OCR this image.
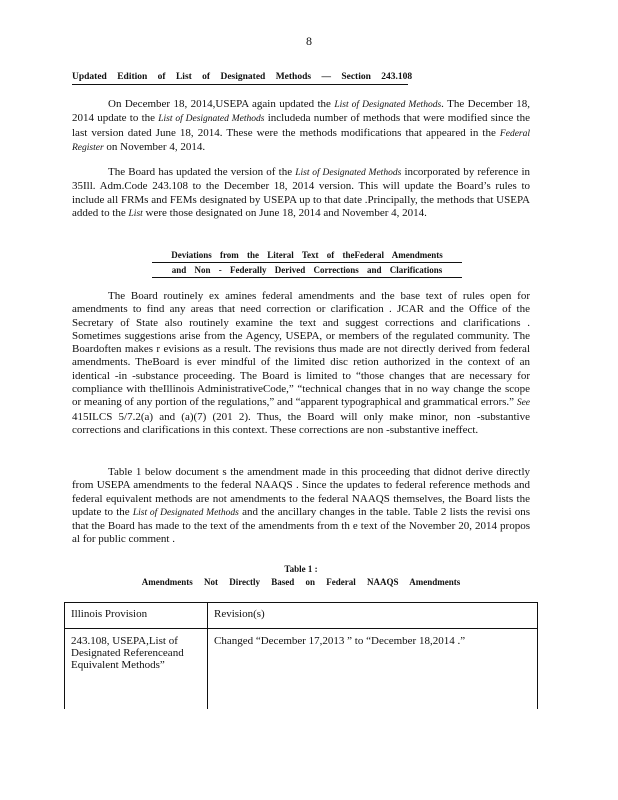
8
Updated Edition of List of Designated Methods — Section 243.108

On December 18, 2014,USEPA again updated the List of Designated Methods. The December 18, 2014 update to the List of Designated Methods includeda number of methods that were modified since the last version dated June 18, 2014. These were the methods modifications that appeared in the Federal Register on November 4, 2014.

The Board has updated the version of the List of Designated Methods incorporated by reference in 35Ill. Adm.Code 243.108 to the December 18, 2014 version. This will update the Board’s rules to include all FRMs and FEMs designated by USEPA up to that date .Principally, the methods that USEPA added to the List were those designated on June 18, 2014 and November 4, 2014.

Deviations from the Literal Text of theFederal Amendments
and Non - Federally Derived Corrections and Clarifications

The Board routinely ex amines federal amendments and the base text of rules open for amendments to find any areas that need correction or clarification . JCAR and the Office of the Secretary of State also routinely examine the text and suggest corrections and clarifications . Sometimes suggestions arise from the Agency, USEPA, or members of the regulated community. The Boardoften makes r evisions as a result. The revisions thus made are not directly derived from federal amendments. TheBoard is ever mindful of the limited disc retion authorized in the context of an identical -in -substance proceeding. The Board is limited to “those changes that are necessary for compliance with theIllinois AdministrativeCode,” “technical changes that in no way change the scope or meaning of any portion of the regulations,” and “apparent typographical and grammatical errors.” See 415ILCS 5/7.2(a) and (a)(7) (201 2). Thus, the Board will only make minor, non -substantive corrections and clarifications in this context. These corrections are non -substantive ineffect.

Table 1 below document s the amendment made in this proceeding that didnot derive directly from USEPA amendments to the federal NAAQS . Since the updates to federal reference methods and federal equivalent methods are not amendments to the federal NAAQS themselves, the Board lists the update to the List of Designated Methods and the ancillary changes in the table. Table 2 lists the revisi ons that the Board has made to the text of the amendments from th e text of the November 20, 2014 propos al for public comment .

Table 1 :
Amendments Not Directly Based on Federal NAAQS Amendments
Illinois Provision	Revision(s)
243.108, USEPA,List of Designated Referenceand Equivalent Methods”	Changed “December 17,2013 ” to “December 18,2014 .”
